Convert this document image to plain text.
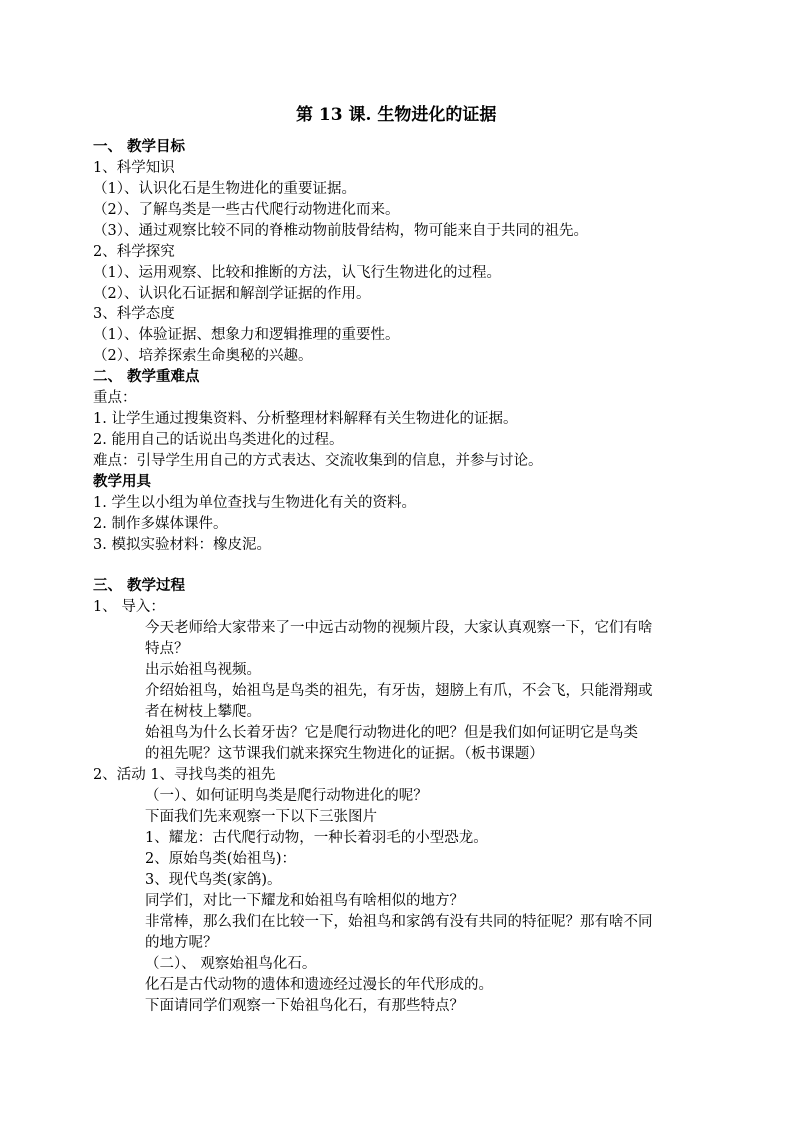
第 13 课. 生物进化的证据
一、 教学目标
1、科学知识
（1）、认识化石是生物进化的重要证据。
（2）、了解鸟类是一些古代爬行动物进化而来。
（3）、通过观察比较不同的脊椎动物前肢骨结构，物可能来自于共同的祖先。
2、科学探究
（1）、运用观察、比较和推断的方法，认飞行生物进化的过程。
（2）、认识化石证据和解剖学证据的作用。
3、科学态度
（1）、体验证据、想象力和逻辑推理的重要性。
（2）、培养探索生命奥秘的兴趣。
二、 教学重难点
重点：
1. 让学生通过搜集资料、分析整理材料解释有关生物进化的证据。
2. 能用自己的话说出鸟类进化的过程。
难点：引导学生用自己的方式表达、交流收集到的信息，并参与讨论。
教学用具
1. 学生以小组为单位查找与生物进化有关的资料。
2. 制作多媒体课件。
3. 模拟实验材料：橡皮泥。
三、 教学过程
1、 导入：
今天老师给大家带来了一中远古动物的视频片段，大家认真观察一下，它们有啥
特点？
出示始祖鸟视频。
介绍始祖鸟，始祖鸟是鸟类的祖先，有牙齿，翅膀上有爪，不会飞，只能滑翔或
者在树枝上攀爬。
始祖鸟为什么长着牙齿？它是爬行动物进化的吧？但是我们如何证明它是鸟类
的祖先呢？这节课我们就来探究生物进化的证据。（板书课题）
2、活动 1、寻找鸟类的祖先
（一）、如何证明鸟类是爬行动物进化的呢？
下面我们先来观察一下以下三张图片
1、耀龙：古代爬行动物，一种长着羽毛的小型恐龙。
2、原始鸟类(始祖鸟)：
3、现代鸟类(家鸽)。
同学们，对比一下耀龙和始祖鸟有啥相似的地方？
非常棒，那么我们在比较一下，始祖鸟和家鸽有没有共同的特征呢？那有啥不同
的地方呢？
（二）、 观察始祖鸟化石。
化石是古代动物的遗体和遗迹经过漫长的年代形成的。
下面请同学们观察一下始祖鸟化石，有那些特点？
